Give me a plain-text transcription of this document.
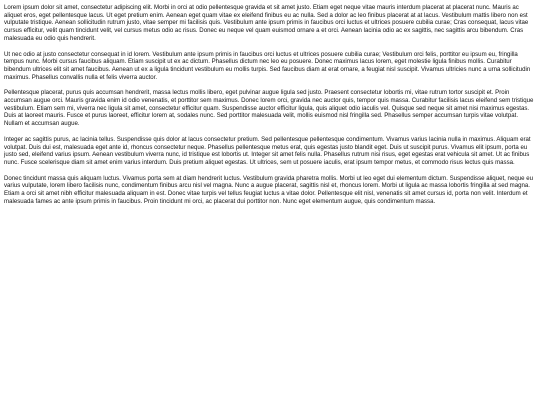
Lorem ipsum dolor sit amet, consectetur adipiscing elit. Morbi in orci at odio pellentesque gravida et sit amet justo. Etiam eget neque vitae mauris interdum placerat at placerat nunc. Mauris ac aliquet eros, eget pellentesque lacus. Ut eget pretium enim. Aenean eget quam vitae ex eleifend finibus eu ac nulla. Sed a dolor ac leo finibus placerat at at lacus. Vestibulum mattis libero non est vulputate tristique. Aenean sollicitudin rutrum justo, vitae semper mi facilisis quis. Vestibulum ante ipsum primis in faucibus orci luctus et ultrices posuere cubilia curae; Cras consequat, lacus vitae cursus efficitur, velit quam tincidunt velit, vel cursus metus odio ac risus. Donec eu neque vel quam euismod ornare a et orci. Aenean lacinia odio ac ex sagittis, nec sagittis arcu bibendum. Cras malesuada eu odio quis hendrerit.

Ut nec odio at justo consectetur consequat in id lorem. Vestibulum ante ipsum primis in faucibus orci luctus et ultrices posuere cubilia curae; Vestibulum orci felis, porttitor eu ipsum eu, fringilla tempus nunc. Morbi cursus faucibus aliquam. Etiam suscipit ut ex ac dictum. Phasellus dictum nec leo eu posuere. Donec maximus lacus lorem, eget molestie ligula finibus mollis. Curabitur bibendum ultrices elit sit amet faucibus. Aenean ut ex a ligula tincidunt vestibulum eu mollis turpis. Sed faucibus diam at erat ornare, a feugiat nisl suscipit. Vivamus ultricies nunc a urna sollicitudin maximus. Phasellus convallis nulla et felis viverra auctor.

Pellentesque placerat, purus quis accumsan hendrerit, massa lectus mollis libero, eget pulvinar augue ligula sed justo. Praesent consectetur lobortis mi, vitae rutrum tortor suscipit et. Proin accumsan augue orci. Mauris gravida enim id odio venenatis, et porttitor sem maximus. Donec lorem orci, gravida nec auctor quis, tempor quis massa. Curabitur facilisis lacus eleifend sem tristique vestibulum. Etiam sem mi, viverra nec ligula sit amet, consectetur efficitur quam. Suspendisse auctor efficitur ligula, quis aliquet odio iaculis vel. Quisque sed neque sit amet nisi maximus egestas. Duis at laoreet mauris. Fusce et purus laoreet, efficitur lorem at, sodales nunc. Sed porttitor malesuada velit, mollis euismod nisl fringilla sed. Phasellus semper accumsan turpis vitae volutpat. Nullam et accumsan augue.

Integer ac sagittis purus, ac lacinia tellus. Suspendisse quis dolor at lacus consectetur pretium. Sed pellentesque pellentesque condimentum. Vivamus varius lacinia nulla in maximus. Aliquam erat volutpat. Duis dui est, malesuada eget ante id, rhoncus consectetur neque. Phasellus pellentesque metus erat, quis egestas justo blandit eget. Duis ut suscipit purus. Vivamus elit ipsum, porta eu justo sed, eleifend varius ipsum. Aenean vestibulum viverra nunc, id tristique est lobortis ut. Integer sit amet felis nulla. Phasellus rutrum nisi risus, eget egestas erat vehicula sit amet. Ut ac finibus nunc. Fusce scelerisque diam sit amet enim varius interdum. Duis pretium aliquet egestas. Ut ultrices, sem ut posuere iaculis, erat ipsum tempor metus, et commodo risus lectus quis massa.

Donec tincidunt massa quis aliquam luctus. Vivamus porta sem at diam hendrerit luctus. Vestibulum gravida pharetra mollis. Morbi ut leo eget dui elementum dictum. Suspendisse aliquet, neque eu varius vulputate, lorem libero facilisis nunc, condimentum finibus arcu nisl vel magna. Nunc a augue placerat, sagittis nisl et, rhoncus lorem. Morbi ut ligula ac massa lobortis fringilla at sed magna. Etiam a orci sit amet nibh efficitur malesuada aliquam in est. Donec vitae turpis vel tellus feugiat luctus a vitae dolor. Pellentesque elit nisl, venenatis sit amet cursus id, porta non velit. Interdum et malesuada fames ac ante ipsum primis in faucibus. Proin tincidunt mi orci, ac placerat dui porttitor non. Nunc eget elementum augue, quis condimentum massa.
